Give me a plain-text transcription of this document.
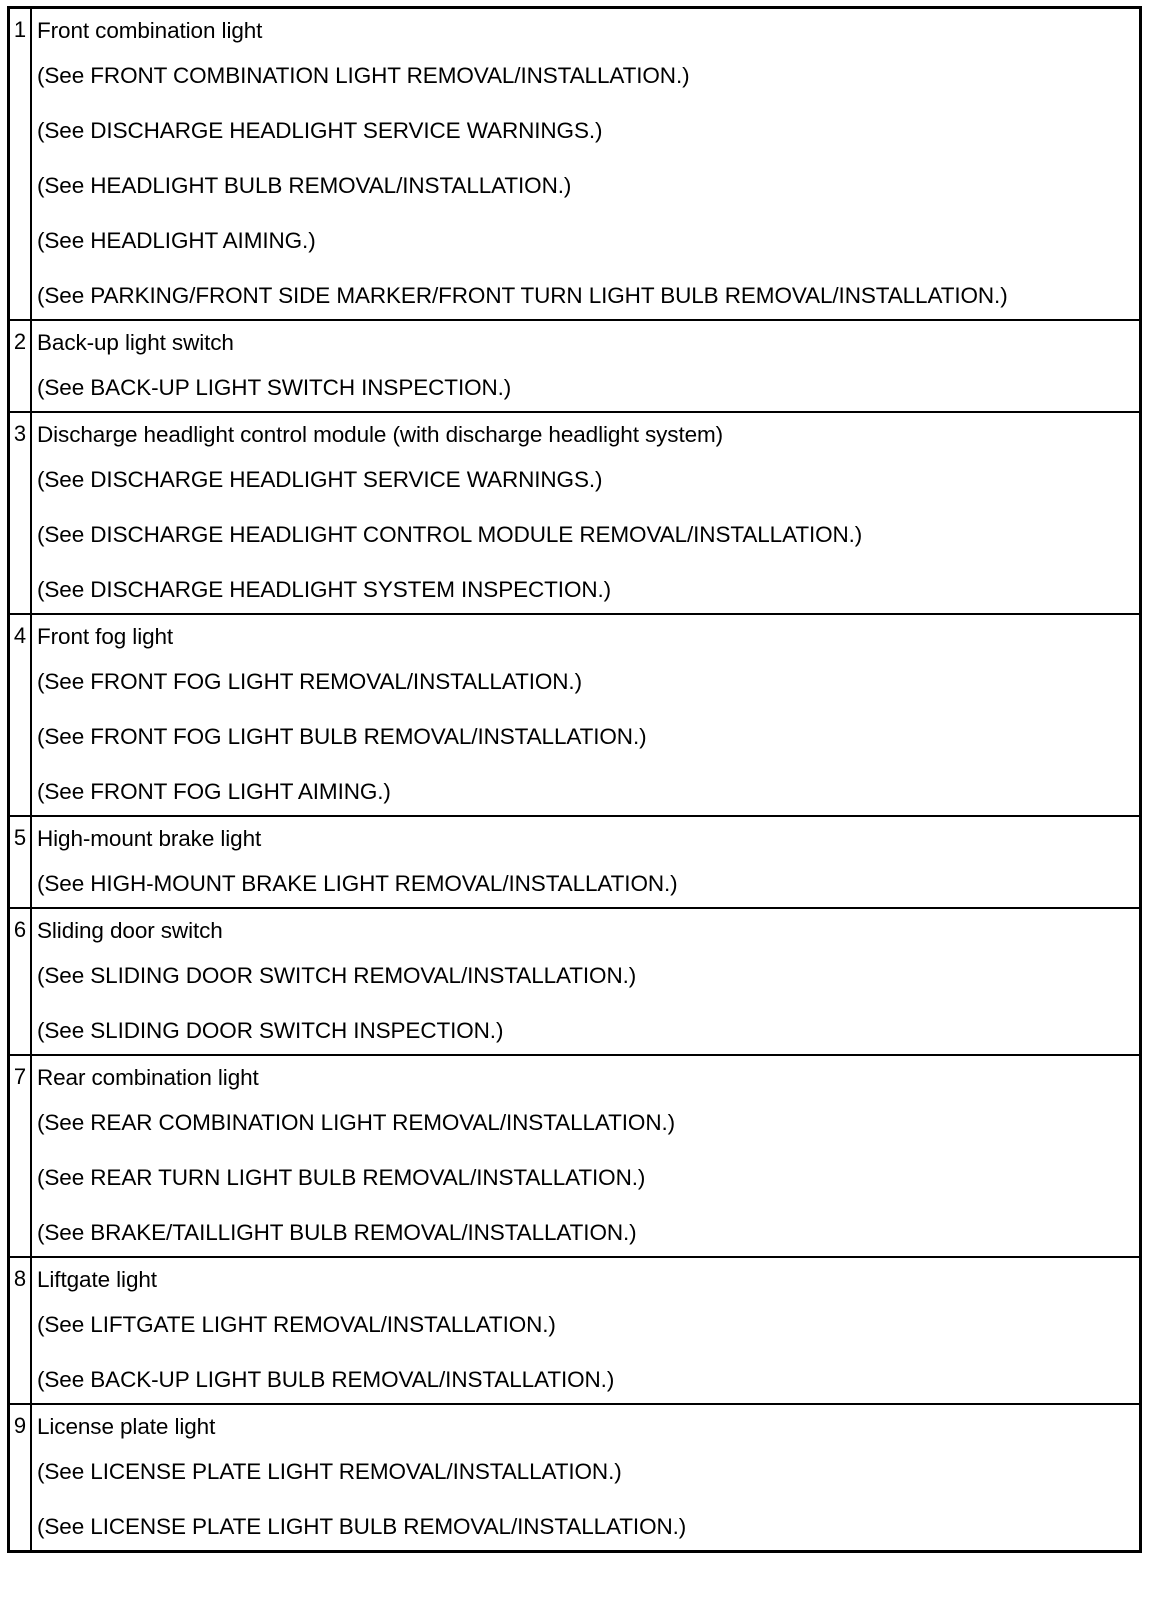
1 Front combination light
(See FRONT COMBINATION LIGHT REMOVAL/INSTALLATION.)
(See DISCHARGE HEADLIGHT SERVICE WARNINGS.)
(See HEADLIGHT BULB REMOVAL/INSTALLATION.)
(See HEADLIGHT AIMING.)
(See PARKING/FRONT SIDE MARKER/FRONT TURN LIGHT BULB REMOVAL/INSTALLATION.)
2 Back-up light switch
(See BACK-UP LIGHT SWITCH INSPECTION.)
3 Discharge headlight control module (with discharge headlight system)
(See DISCHARGE HEADLIGHT SERVICE WARNINGS.)
(See DISCHARGE HEADLIGHT CONTROL MODULE REMOVAL/INSTALLATION.)
(See DISCHARGE HEADLIGHT SYSTEM INSPECTION.)
4 Front fog light
(See FRONT FOG LIGHT REMOVAL/INSTALLATION.)
(See FRONT FOG LIGHT BULB REMOVAL/INSTALLATION.)
(See FRONT FOG LIGHT AIMING.)
5 High-mount brake light
(See HIGH-MOUNT BRAKE LIGHT REMOVAL/INSTALLATION.)
6 Sliding door switch
(See SLIDING DOOR SWITCH REMOVAL/INSTALLATION.)
(See SLIDING DOOR SWITCH INSPECTION.)
7 Rear combination light
(See REAR COMBINATION LIGHT REMOVAL/INSTALLATION.)
(See REAR TURN LIGHT BULB REMOVAL/INSTALLATION.)
(See BRAKE/TAILLIGHT BULB REMOVAL/INSTALLATION.)
8 Liftgate light
(See LIFTGATE LIGHT REMOVAL/INSTALLATION.)
(See BACK-UP LIGHT BULB REMOVAL/INSTALLATION.)
9 License plate light
(See LICENSE PLATE LIGHT REMOVAL/INSTALLATION.)
(See LICENSE PLATE LIGHT BULB REMOVAL/INSTALLATION.)
